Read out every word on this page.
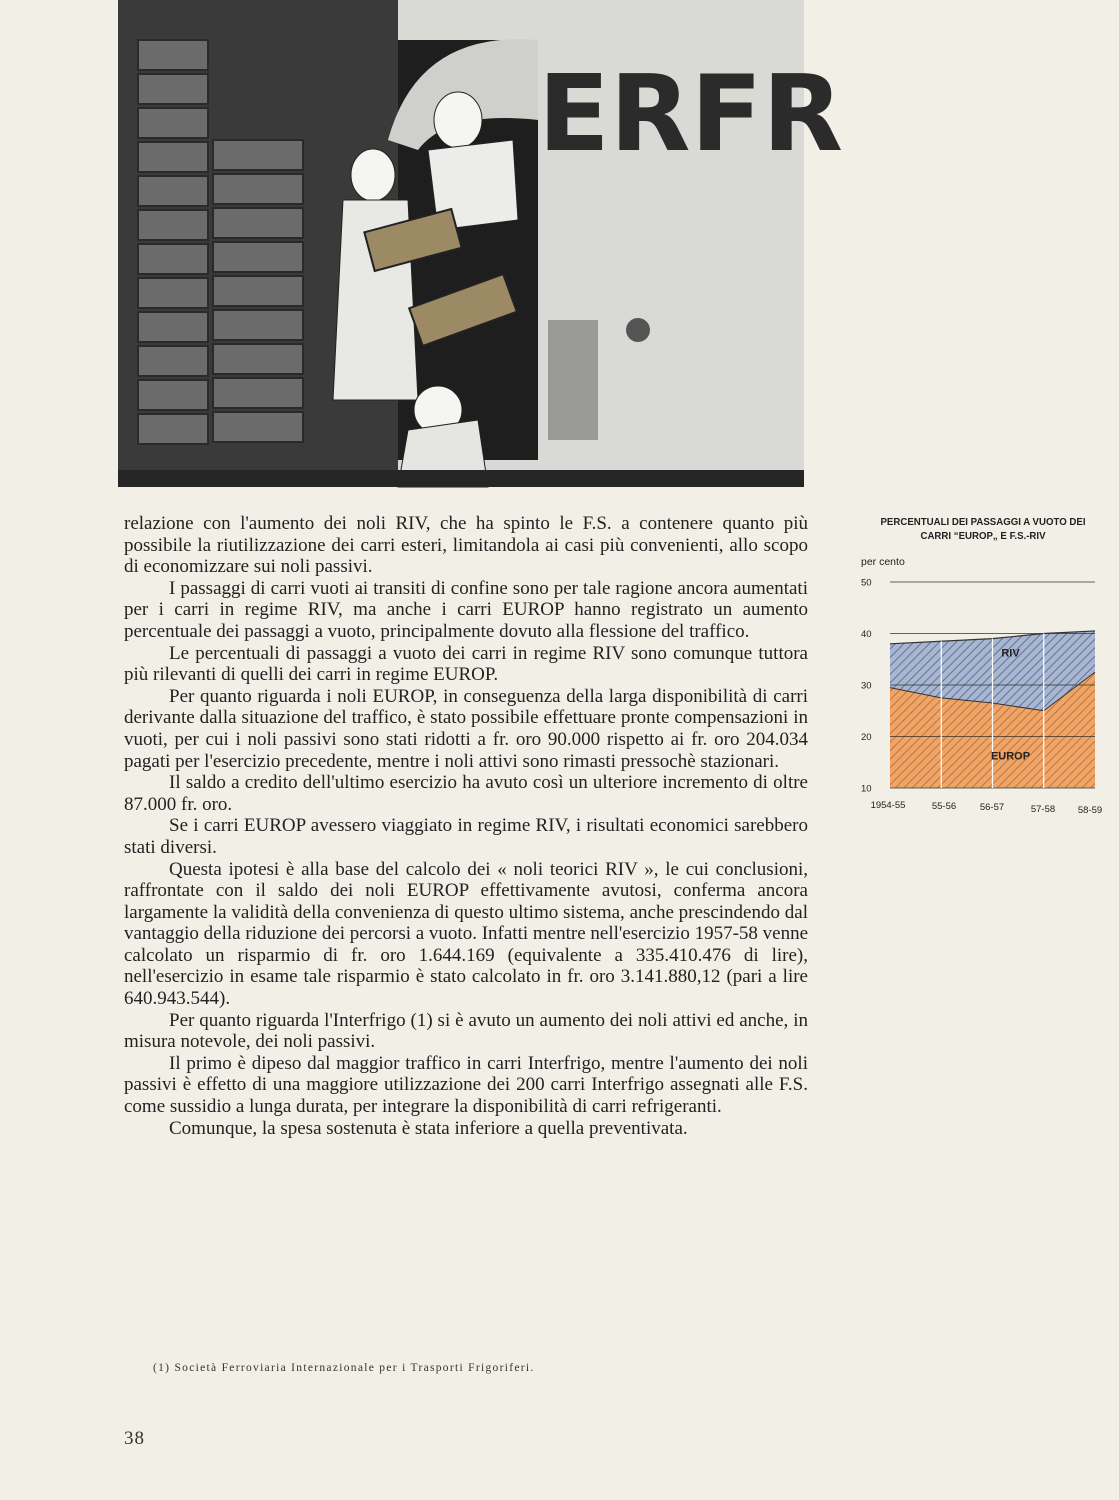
ERFR

relazione con l'aumento dei noli RIV, che ha spinto le F.S. a contenere quanto più possibile la riutilizzazione dei carri esteri, limitandola ai casi più convenienti, allo scopo di economizzare sui noli passivi.

I passaggi di carri vuoti ai transiti di confine sono per tale ragione ancora aumentati per i carri in regime RIV, ma anche i carri EUROP hanno registrato un aumento percentuale dei passaggi a vuoto, principalmente dovuto alla flessione del traffico.

Le percentuali di passaggi a vuoto dei carri in regime RIV sono comunque tuttora più rilevanti di quelli dei carri in regime EUROP.

Per quanto riguarda i noli EUROP, in conseguenza della larga disponibilità di carri derivante dalla situazione del traffico, è stato possibile effettuare pronte compensazioni in vuoti, per cui i noli passivi sono stati ridotti a fr. oro 90.000 rispetto ai fr. oro 204.034 pagati per l'esercizio precedente, mentre i noli attivi sono rimasti pressochè stazionari.

Il saldo a credito dell'ultimo esercizio ha avuto così un ulteriore incremento di oltre 87.000 fr. oro.

Se i carri EUROP avessero viaggiato in regime RIV, i risultati economici sarebbero stati diversi.

Questa ipotesi è alla base del calcolo dei « noli teorici RIV », le cui conclusioni, raffrontate con il saldo dei noli EUROP effettivamente avutosi, conferma ancora largamente la validità della convenienza di questo ultimo sistema, anche prescindendo dal vantaggio della riduzione dei percorsi a vuoto. Infatti mentre nell'esercizio 1957-58 venne calcolato un risparmio di fr. oro 1.644.169 (equivalente a 335.410.476 di lire), nell'esercizio in esame tale risparmio è stato calcolato in fr. oro 3.141.880,12 (pari a lire 640.943.544).

Per quanto riguarda l'Interfrigo (1) si è avuto un aumento dei noli attivi ed anche, in misura notevole, dei noli passivi.

Il primo è dipeso dal maggior traffico in carri Interfrigo, mentre l'aumento dei noli passivi è effetto di una maggiore utilizzazione dei 200 carri Interfrigo assegnati alle F.S. come sussidio a lunga durata, per integrare la disponibilità di carri refrigeranti.

Comunque, la spesa sostenuta è stata inferiore a quella preventivata.

(1) Società Ferroviaria Internazionale per i Trasporti Frigoriferi.
38
PERCENTUALI DEI PASSAGGI A VUOTO DEI CARRI “EUROP„ E F.S.-RIV
per cento
10
20
30
40
50
RIV
EUROP
1954-55	55-56 56-57	57-58 58-59
